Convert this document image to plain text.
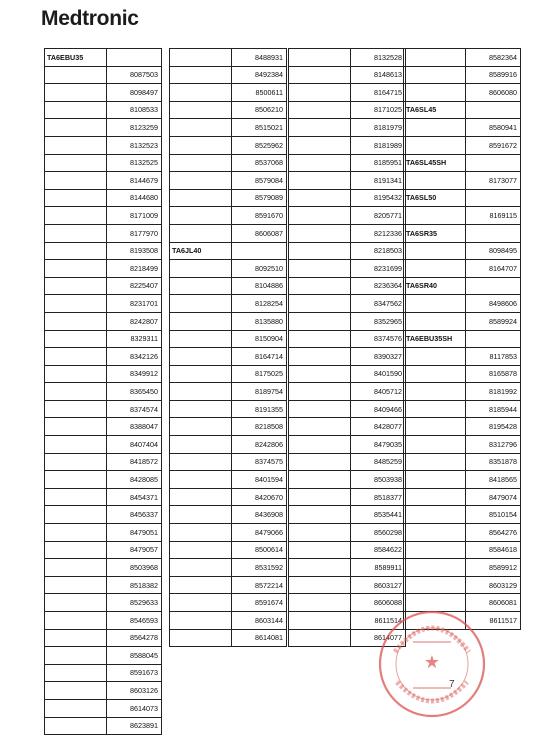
Medtronic
TA6EBU35	
	8087503
	8098497
	8108533
	8123259
	8132523
	8132525
	8144679
	8144680
	8171009
	8177970
	8193508
	8218499
	8225407
	8231701
	8242807
	8329311
	8342126
	8349912
	8365450
	8374574
	8388047
	8407404
	8418572
	8428085
	8454371
	8456337
	8479051
	8479057
	8503968
	8518382
	8529633
	8546593
	8564278
	8588045
	8591673
	8603126
	8614073
	8623891
	8488931
	8492384
	8500611
	8506210
	8515021
	8525962
	8537068
	8579084
	8579089
	8591670
	8606087
TA6JL40	
	8092510
	8104886
	8128254
	8135880
	8150904
	8164714
	8175025
	8189754
	8191355
	8218508
	8242806
	8374575
	8401594
	8420670
	8436908
	8479066
	8500614
	8531592
	8572214
	8591674
	8603144
	8614081
	8132528
	8148613
	8164715
	8171025
	8181979
	8181989
	8185951
	8191341
	8195432
	8205771
	8212336
	8218503
	8231699
	8236364
	8347562
	8352965
	8374576
	8390327
	8401590
	8405712
	8409466
	8428077
	8479035
	8485259
	8503938
	8518377
	8535441
	8560298
	8584622
	8589911
	8603127
	8606088
	8611514
	8614077
	8582364
	8589916
	8606080
TA6SL45	
	8580941
	8591672
TA6SL45SH	
	8173077
TA6SL50	
	8169115
TA6SR35	
	8098495
	8164707
TA6SR40	
	8498606
	8589924
TA6EBU35SH	
	8117853
	8165878
	8181992
	8185944
	8195428
	8312796
	8351878
	8418565
	8479074
	8510154
	8564276
	8584618
	8589912
	8603129
	8606081
	8611517
★
7
